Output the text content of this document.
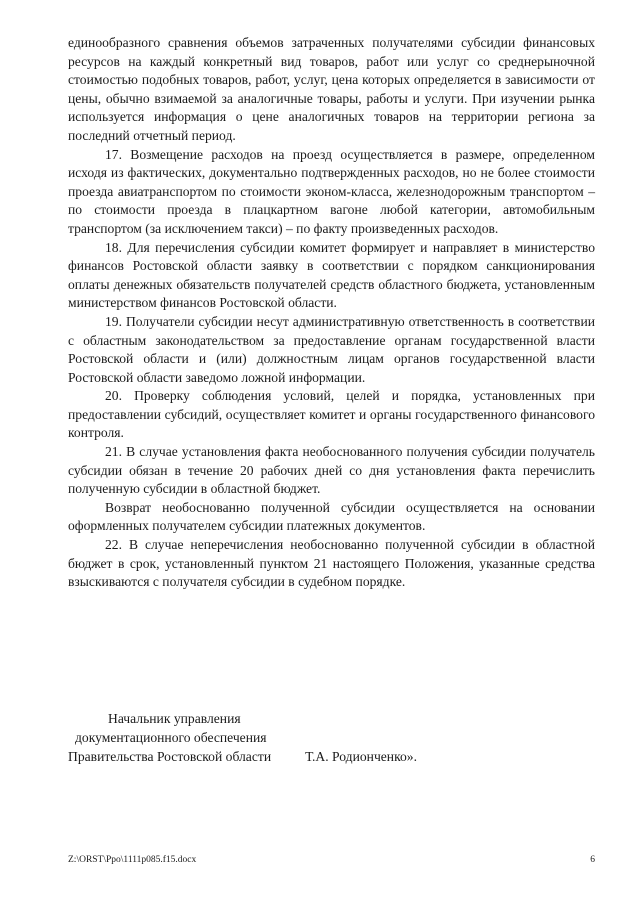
единообразного сравнения объемов затраченных получателями субсидии финансовых ресурсов на каждый конкретный вид товаров, работ или услуг со среднерыночной стоимостью подобных товаров, работ, услуг, цена которых определяется в зависимости от цены, обычно взимаемой за аналогичные товары, работы и услуги. При изучении рынка используется информация о цене аналогичных товаров на территории региона за последний отчетный период.

17. Возмещение расходов на проезд осуществляется в размере, определенном исходя из фактических, документально подтвержденных расходов, но не более стоимости проезда авиатранспортом по стоимости эконом-класса, железнодорожным транспортом – по стоимости проезда в плацкартном вагоне любой категории, автомобильным транспортом (за исключением такси) – по факту произведенных расходов.

18. Для перечисления субсидии комитет формирует и направляет в министерство финансов Ростовской области заявку в соответствии с порядком санкционирования оплаты денежных обязательств получателей средств областного бюджета, установленным министерством финансов Ростовской области.

19. Получатели субсидии несут административную ответственность в соответствии с областным законодательством за предоставление органам государственной власти Ростовской области и (или) должностным лицам органов государственной власти Ростовской области заведомо ложной информации.

20. Проверку соблюдения условий, целей и порядка, установленных при предоставлении субсидий, осуществляет комитет и органы государственного финансового контроля.

21. В случае установления факта необоснованного получения субсидии получатель субсидии обязан в течение 20 рабочих дней со дня установления факта перечислить полученную субсидии в областной бюджет.

Возврат необоснованно полученной субсидии осуществляется на основании оформленных получателем субсидии платежных документов.

22. В случае неперечисления необоснованно полученной субсидии в областной бюджет в срок, установленный пунктом 21 настоящего Положения, указанные средства взыскиваются с получателя субсидии в судебном порядке.

Начальник управления

документационного обеспечения

Правительства Ростовской области	Т.А. Родионченко».

Z:\ORST\Ppo\1111p085.f15.docx	6
